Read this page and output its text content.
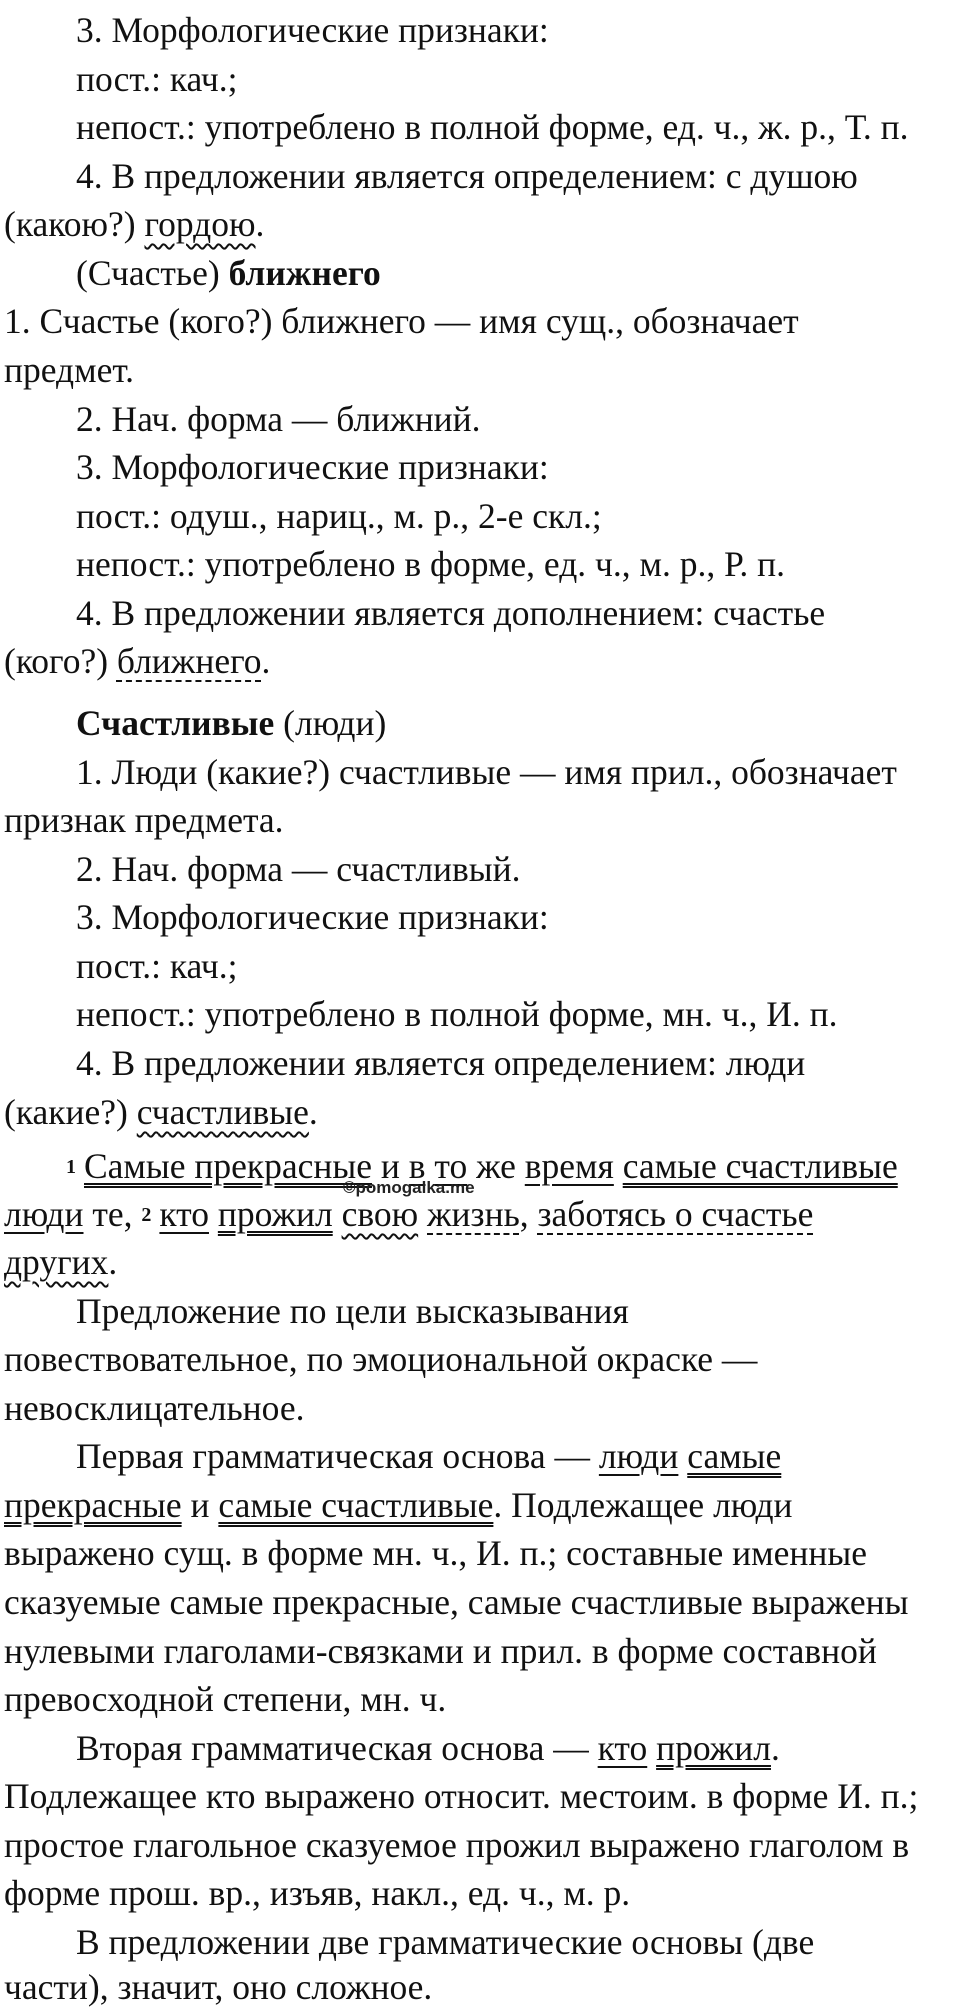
3. Морфологические признаки:
пост.: кач.;
непост.: употреблено в полной форме, ед. ч., ж. р., Т. п.
4. В предложении является определением: с душою
(какою?) гордою.
(Счастье) ближнего
1. Счастье (кого?) ближнего — имя сущ., обозначает
предмет.
2. Нач. форма — ближний.
3. Морфологические признаки:
пост.: одуш., нариц., м. р., 2-е скл.;
непост.: употреблено в форме, ед. ч., м. р., Р. п.
4. В предложении является дополнением: счастье
(кого?) ближнего.
Счастливые (люди)
1. Люди (какие?) счастливые — имя прил., обозначает
признак предмета.
2. Нач. форма — счастливый.
3. Морфологические признаки:
пост.: кач.;
непост.: употреблено в полной форме, мн. ч., И. п.
4. В предложении является определением: люди
(какие?) счастливые.
1 Самые прекрасные и в то же время самые счастливые
©pomogalka.me
люди те, 2 кто прожил свою жизнь, заботясь о счастье
других.
Предложение по цели высказывания
повествовательное, по эмоциональной окраске —
невосклицательное.
Первая грамматическая основа — люди самые
прекрасные и самые счастливые. Подлежащее люди
выражено сущ. в форме мн. ч., И. п.; составные именные
сказуемые самые прекрасные, самые счастливые выражены
нулевыми глаголами-связками и прил. в форме составной
превосходной степени, мн. ч.
Вторая грамматическая основа — кто прожил.
Подлежащее кто выражено относит. местоим. в форме И. п.;
простое глагольное сказуемое прожил выражено глаголом в
форме прош. вр., изъяв, накл., ед. ч., м. р.
В предложении две грамматические основы (две
части), значит, оно сложное.
